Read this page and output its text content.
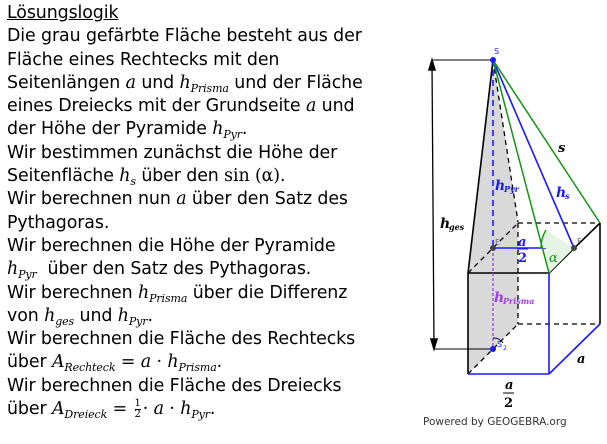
Lösungslogik
Die grau gefärbte Fläche besteht aus der
Fläche eines Rechtecks mit den
Seitenlängen a und $h_{Prisma}$ und der Fläche
eines Dreiecks mit der Grundseite a und
der Höhe der Pyramide $h_{Pyr}$.
Wir bestimmen zunächst die Höhe der
Seitenfläche $h_s$ über den sin (α).
Wir berechnen nun a über den Satz des
Pythagoras.
Wir berechnen die Höhe der Pyramide
$h_{Pyr}$  über den Satz des Pythagoras.
Wir berechnen $h_{Prisma}$ über die Differenz
von $h_{ges}$ und $h_{Pyr}$.
Wir berechnen die Fläche des Rechtecks
über $A_{Rechteck} = a \cdot h_{Prisma}$.
Wir berechnen die Fläche des Dreiecks
über $A_{Dreieck} = \frac{1}{2} \cdot a \cdot h_{Pyr}$.
S
E	F
S 2
h
ges
h
Pyr	h
s
s
h
Prisma
a
2 α
a
a
2
Powered by GEOGEBRA.org
